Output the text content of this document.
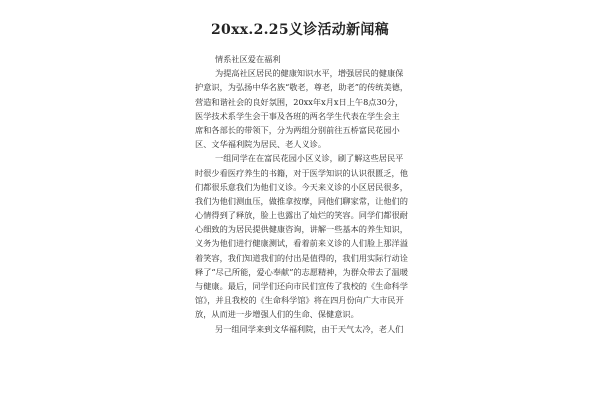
20xx.2.25义诊活动新闻稿
情系社区爱在福利
为提高社区居民的健康知识水平，增强居民的健康保
护意识，为弘扬中华名族“敬老，尊老，助老”的传统美德，
营造和谐社会的良好氛围，20xx年x月x日上午8点30分，
医学技术系学生会干事及各班的两名学生代表在学生会主
席和各部长的带领下，分为两组分别前往五桥富民花园小
区、文华福利院为居民、老人义诊。
一组同学在在富民花园小区义诊，刷了解这些居民平
时很少看医疗养生的书籍，对于医学知识的认识很匮乏，他
们都很乐意我们为他们义诊。今天来义诊的小区居民很多，
我们为他们测血压，做推拿按摩，同他们聊家常，让他们的
心情得到了释放，脸上也露出了灿烂的笑容。同学们都很耐
心细致的为居民提供健康咨询，讲解一些基本的养生知识，
义务为他们进行健康测试，看着前来义诊的人们脸上那洋溢
着笑容，我们知道我们的付出是值得的，我们用实际行动诠
释了“尽己所能，爱心奉献”的志愿精神，为群众带去了温暖
与健康。最后，同学们还向市民们宣传了我校的《生命科学
馆》，并且我校的《生命科学馆》将在四月份向广大市民开
放，从而进一步增强人们的生命、保健意识。
另一组同学来到文华福利院，由于天气太冷，老人们
